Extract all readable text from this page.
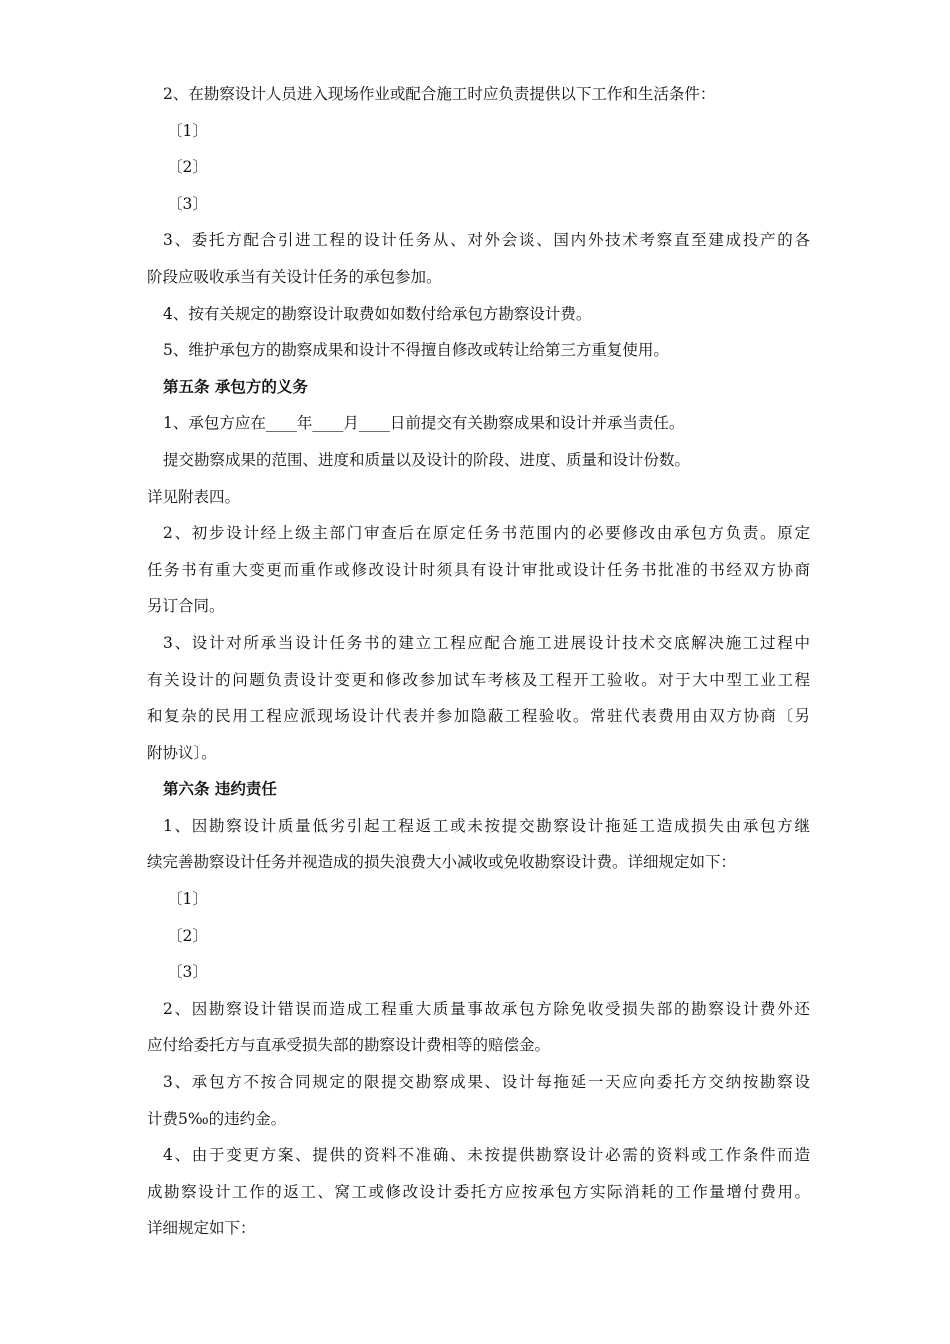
2、在勘察设计人员进入现场作业或配合施工时应负责提供以下工作和生活条件：
〔1〕
〔2〕
〔3〕
3、委托方配合引进工程的设计任务从、对外会谈、国内外技术考察直至建成投产的各
阶段应吸收承当有关设计任务的承包参加。
4、按有关规定的勘察设计取费如如数付给承包方勘察设计费。
5、维护承包方的勘察成果和设计不得擅自修改或转让给第三方重复使用。
第五条 承包方的义务
1、承包方应在____年____月____日前提交有关勘察成果和设计并承当责任。
提交勘察成果的范围、进度和质量以及设计的阶段、进度、质量和设计份数。
详见附表四。
2、初步设计经上级主部门审查后在原定任务书范围内的必要修改由承包方负责。原定
任务书有重大变更而重作或修改设计时须具有设计审批或设计任务书批准的书经双方协商
另订合同。
3、设计对所承当设计任务书的建立工程应配合施工进展设计技术交底解决施工过程中
有关设计的问题负责设计变更和修改参加试车考核及工程开工验收。对于大中型工业工程
和复杂的民用工程应派现场设计代表并参加隐蔽工程验收。常驻代表费用由双方协商〔另
附协议〕。
第六条 违约责任
1、因勘察设计质量低劣引起工程返工或未按提交勘察设计拖延工造成损失由承包方继
续完善勘察设计任务并视造成的损失浪费大小减收或免收勘察设计费。详细规定如下：
〔1〕
〔2〕
〔3〕
2、因勘察设计错误而造成工程重大质量事故承包方除免收受损失部的勘察设计费外还
应付给委托方与直承受损失部的勘察设计费相等的赔偿金。
3、承包方不按合同规定的限提交勘察成果、设计每拖延一天应向委托方交纳按勘察设
计费5‰的违约金。
4、由于变更方案、提供的资料不准确、未按提供勘察设计必需的资料或工作条件而造
成勘察设计工作的返工、窝工或修改设计委托方应按承包方实际消耗的工作量增付费用。
详细规定如下：
